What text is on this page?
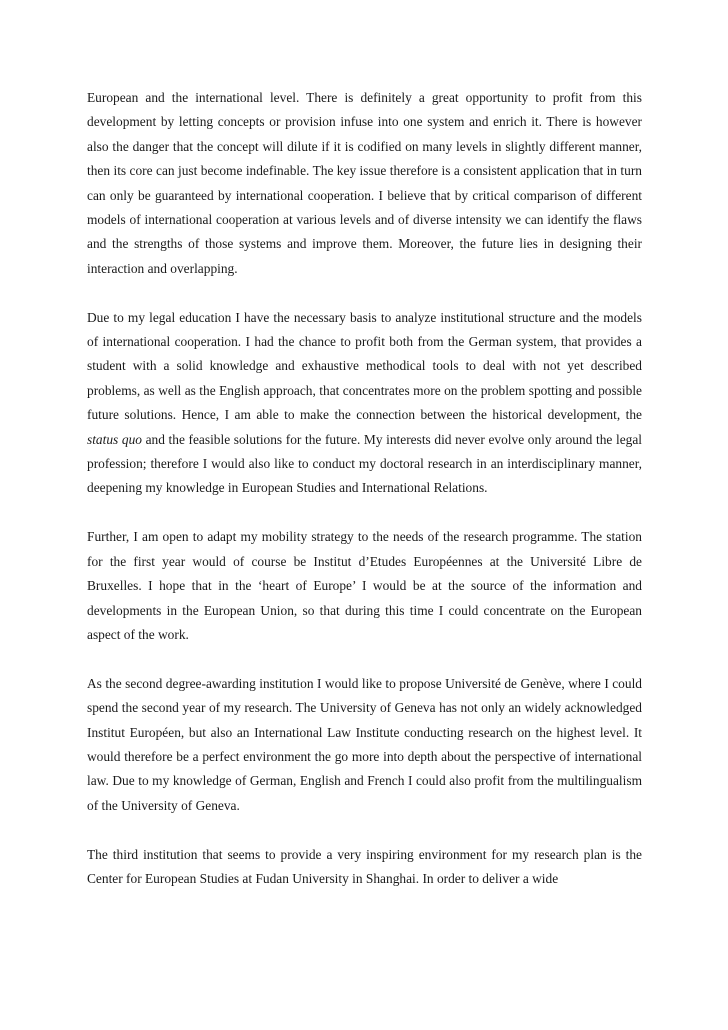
European and the international level. There is definitely a great opportunity to profit from this development by letting concepts or provision infuse into one system and enrich it. There is however also the danger that the concept will dilute if it is codified on many levels in slightly different manner, then its core can just become indefinable. The key issue therefore is a consistent application that in turn can only be guaranteed by international cooperation. I believe that by critical comparison of different models of international cooperation at various levels and of diverse intensity we can identify the flaws and the strengths of those systems and improve them. Moreover, the future lies in designing their interaction and overlapping.

Due to my legal education I have the necessary basis to analyze institutional structure and the models of international cooperation. I had the chance to profit both from the German system, that provides a student with a solid knowledge and exhaustive methodical tools to deal with not yet described problems, as well as the English approach, that concentrates more on the problem spotting and possible future solutions. Hence, I am able to make the connection between the historical development, the status quo and the feasible solutions for the future. My interests did never evolve only around the legal profession; therefore I would also like to conduct my doctoral research in an interdisciplinary manner, deepening my knowledge in European Studies and International Relations.

Further, I am open to adapt my mobility strategy to the needs of the research programme. The station for the first year would of course be Institut d’Etudes Européennes at the Université Libre de Bruxelles. I hope that in the ‘heart of Europe’ I would be at the source of the information and developments in the European Union, so that during this time I could concentrate on the European aspect of the work.

As the second degree-awarding institution I would like to propose Université de Genève, where I could spend the second year of my research. The University of Geneva has not only an widely acknowledged Institut Européen, but also an International Law Institute conducting research on the highest level. It would therefore be a perfect environment the go more into depth about the perspective of international law. Due to my knowledge of German, English and French I could also profit from the multilingualism of the University of Geneva.

The third institution that seems to provide a very inspiring environment for my research plan is the Center for European Studies at Fudan University in Shanghai. In order to deliver a wide
